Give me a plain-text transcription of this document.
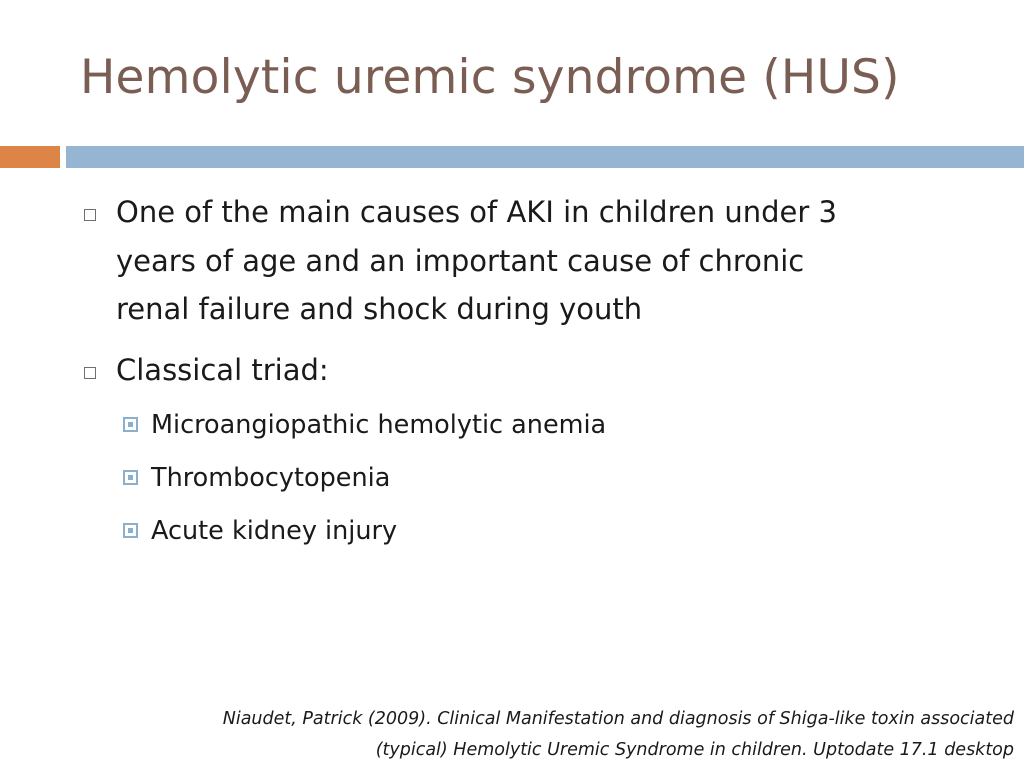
Hemolytic uremic syndrome (HUS)
One of the main causes of AKI in children under 3
years of age and an important cause of chronic
renal failure and shock during youth
Classical triad:
Microangiopathic hemolytic anemia
Thrombocytopenia
Acute kidney injury
Niaudet, Patrick (2009). Clinical Manifestation and diagnosis of Shiga-like toxin associated
(typical) Hemolytic Uremic Syndrome in children. Uptodate 17.1 desktop
